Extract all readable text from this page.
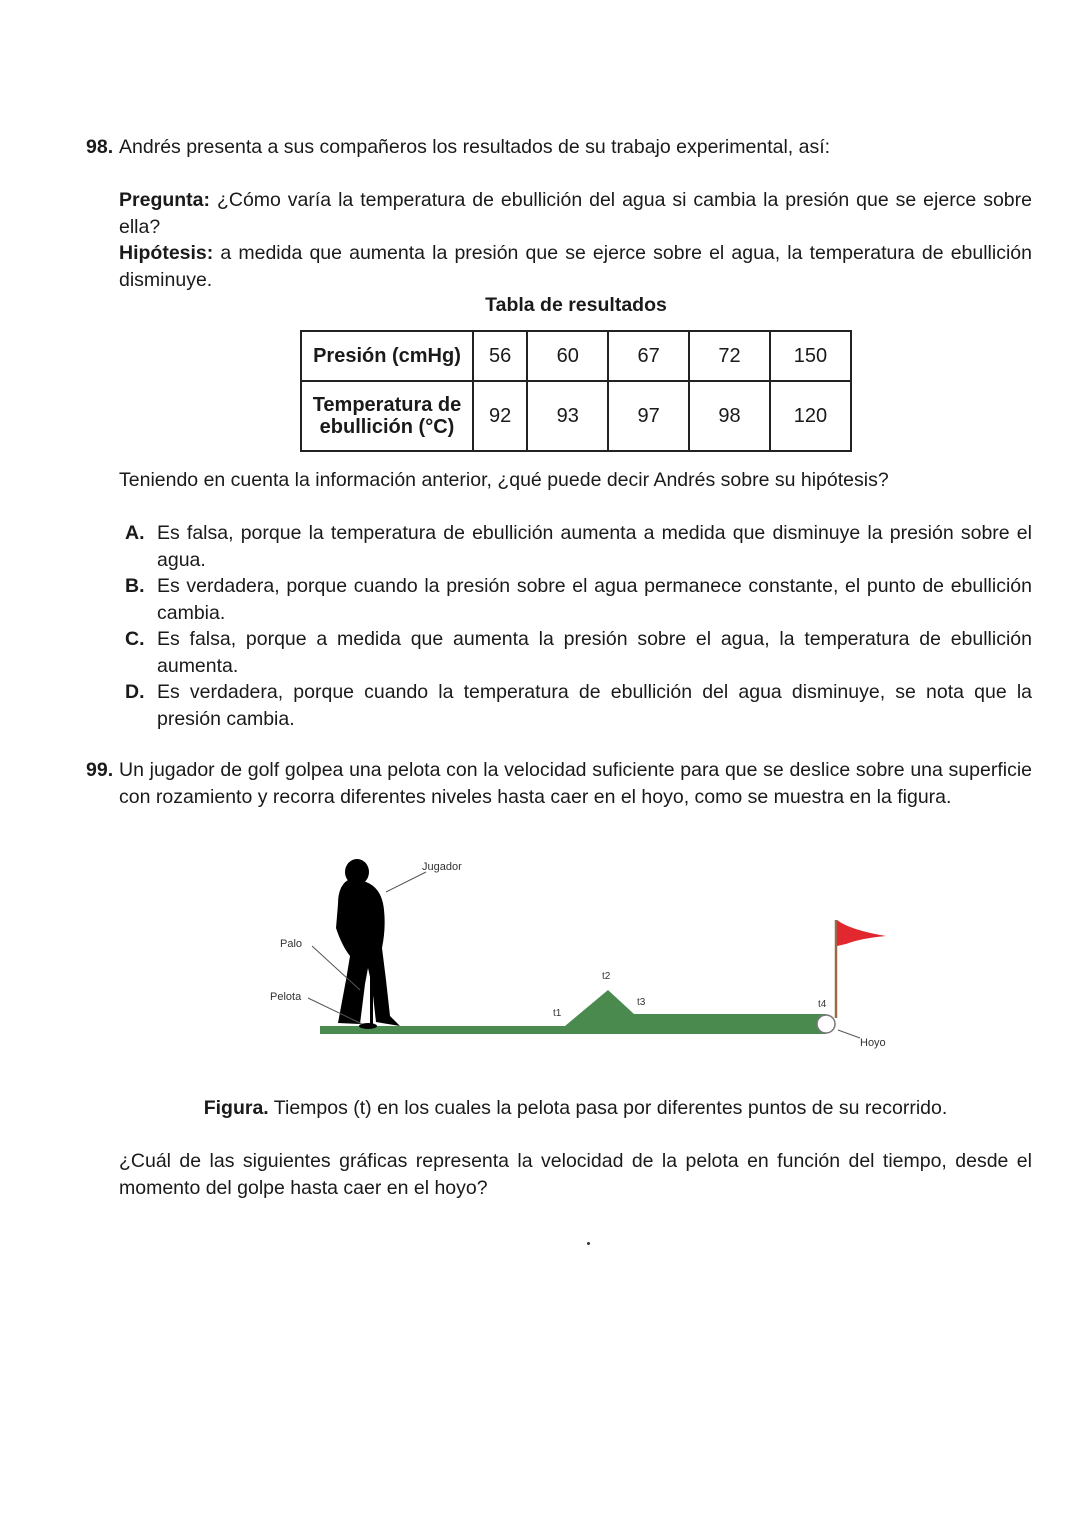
98. Andrés presenta a sus compañeros los resultados de su trabajo experimental, así:
Pregunta: ¿Cómo varía la temperatura de ebullición del agua si cambia la presión que se ejerce sobre ella?
Hipótesis: a medida que aumenta la presión que se ejerce sobre el agua, la temperatura de ebullición disminuye.
Tabla de resultados
Presión (cmHg)	56	60	67	72	150
Temperatura de ebullición (°C)	92	93	97	98	120
Teniendo en cuenta la información anterior, ¿qué puede decir Andrés sobre su hipótesis?
A. Es falsa, porque la temperatura de ebullición aumenta a medida que disminuye la presión sobre el agua.
B. Es verdadera, porque cuando la presión sobre el agua permanece constante, el punto de ebullición cambia.
C. Es falsa, porque a medida que aumenta la presión sobre el agua, la temperatura de ebullición aumenta.
D. Es verdadera, porque cuando la temperatura de ebullición del agua disminuye, se nota que la presión cambia.
99. Un jugador de golf golpea una pelota con la velocidad suficiente para que se deslice sobre una superficie con rozamiento y recorra diferentes niveles hasta caer en el hoyo, como se muestra en la figura.
Jugador
Palo
Pelota
Hoyo
t1
t2
t3	t4
Figura. Tiempos (t) en los cuales la pelota pasa por diferentes puntos de su recorrido.
¿Cuál de las siguientes gráficas representa la velocidad de la pelota en función del tiempo, desde el momento del golpe hasta caer en el hoyo?
